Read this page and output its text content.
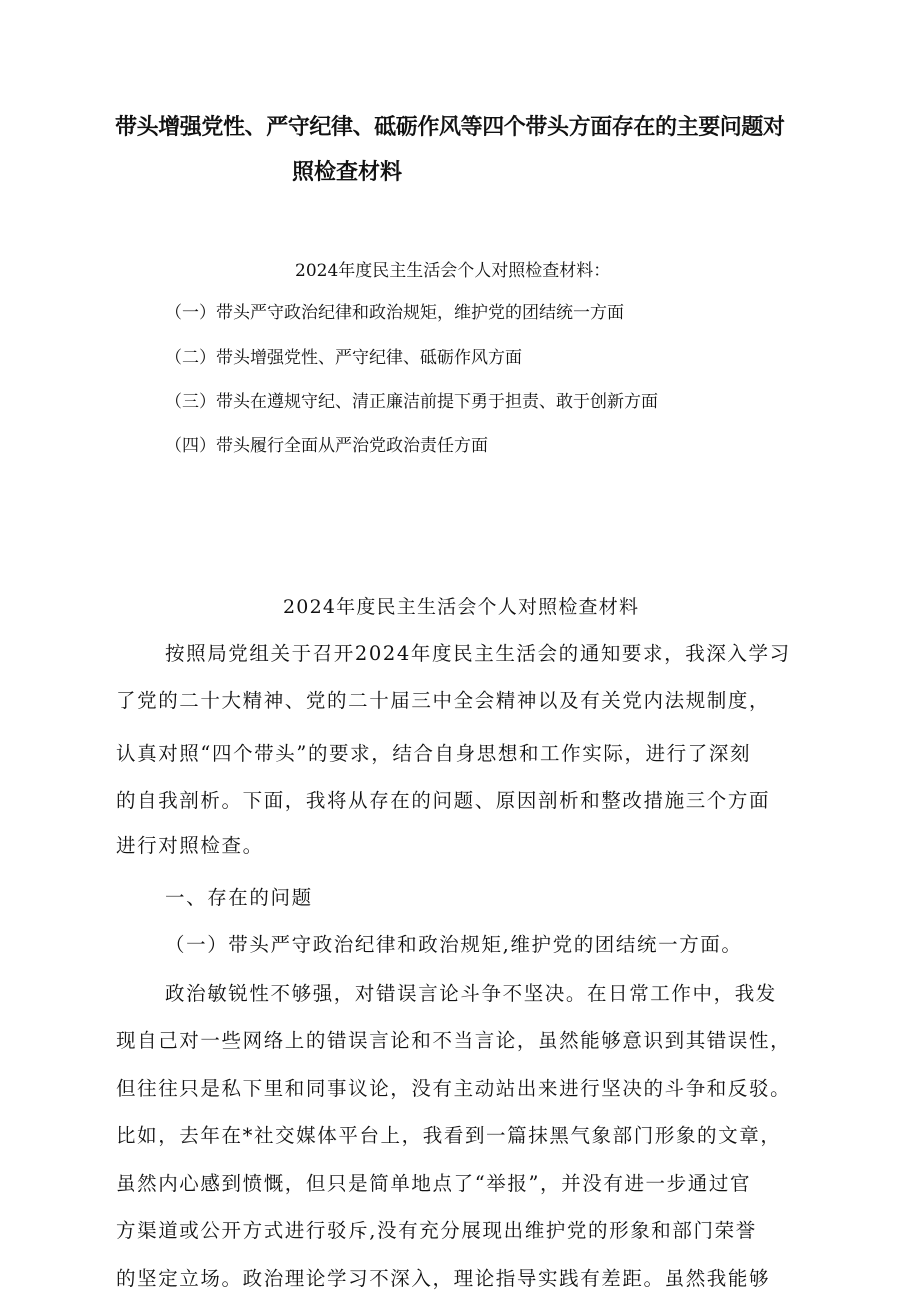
带头增强党性、严守纪律、砥砺作风等四个带头方面存在的主要问题对
照检查材料
2024年度民主生活会个人对照检查材料：
（一）带头严守政治纪律和政治规矩，维护党的团结统一方面
（二）带头增强党性、严守纪律、砥砺作风方面
（三）带头在遵规守纪、清正廉洁前提下勇于担责、敢于创新方面
（四）带头履行全面从严治党政治责任方面
2024年度民主生活会个人对照检查材料
按照局党组关于召开2024年度民主生活会的通知要求，我深入学习
了党的二十大精神、党的二十届三中全会精神以及有关党内法规制度，
认真对照“四个带头”的要求，结合自身思想和工作实际，进行了深刻
的自我剖析。下面，我将从存在的问题、原因剖析和整改措施三个方面
进行对照检查。
一、存在的问题
（一）带头严守政治纪律和政治规矩,维护党的团结统一方面。
政治敏锐性不够强，对错误言论斗争不坚决。在日常工作中，我发
现自己对一些网络上的错误言论和不当言论，虽然能够意识到其错误性，
但往往只是私下里和同事议论，没有主动站出来进行坚决的斗争和反驳。
比如，去年在*社交媒体平台上，我看到一篇抹黑气象部门形象的文章，
虽然内心感到愤慨，但只是简单地点了“举报”，并没有进一步通过官
方渠道或公开方式进行驳斥,没有充分展现出维护党的形象和部门荣誉
的坚定立场。政治理论学习不深入，理论指导实践有差距。虽然我能够
